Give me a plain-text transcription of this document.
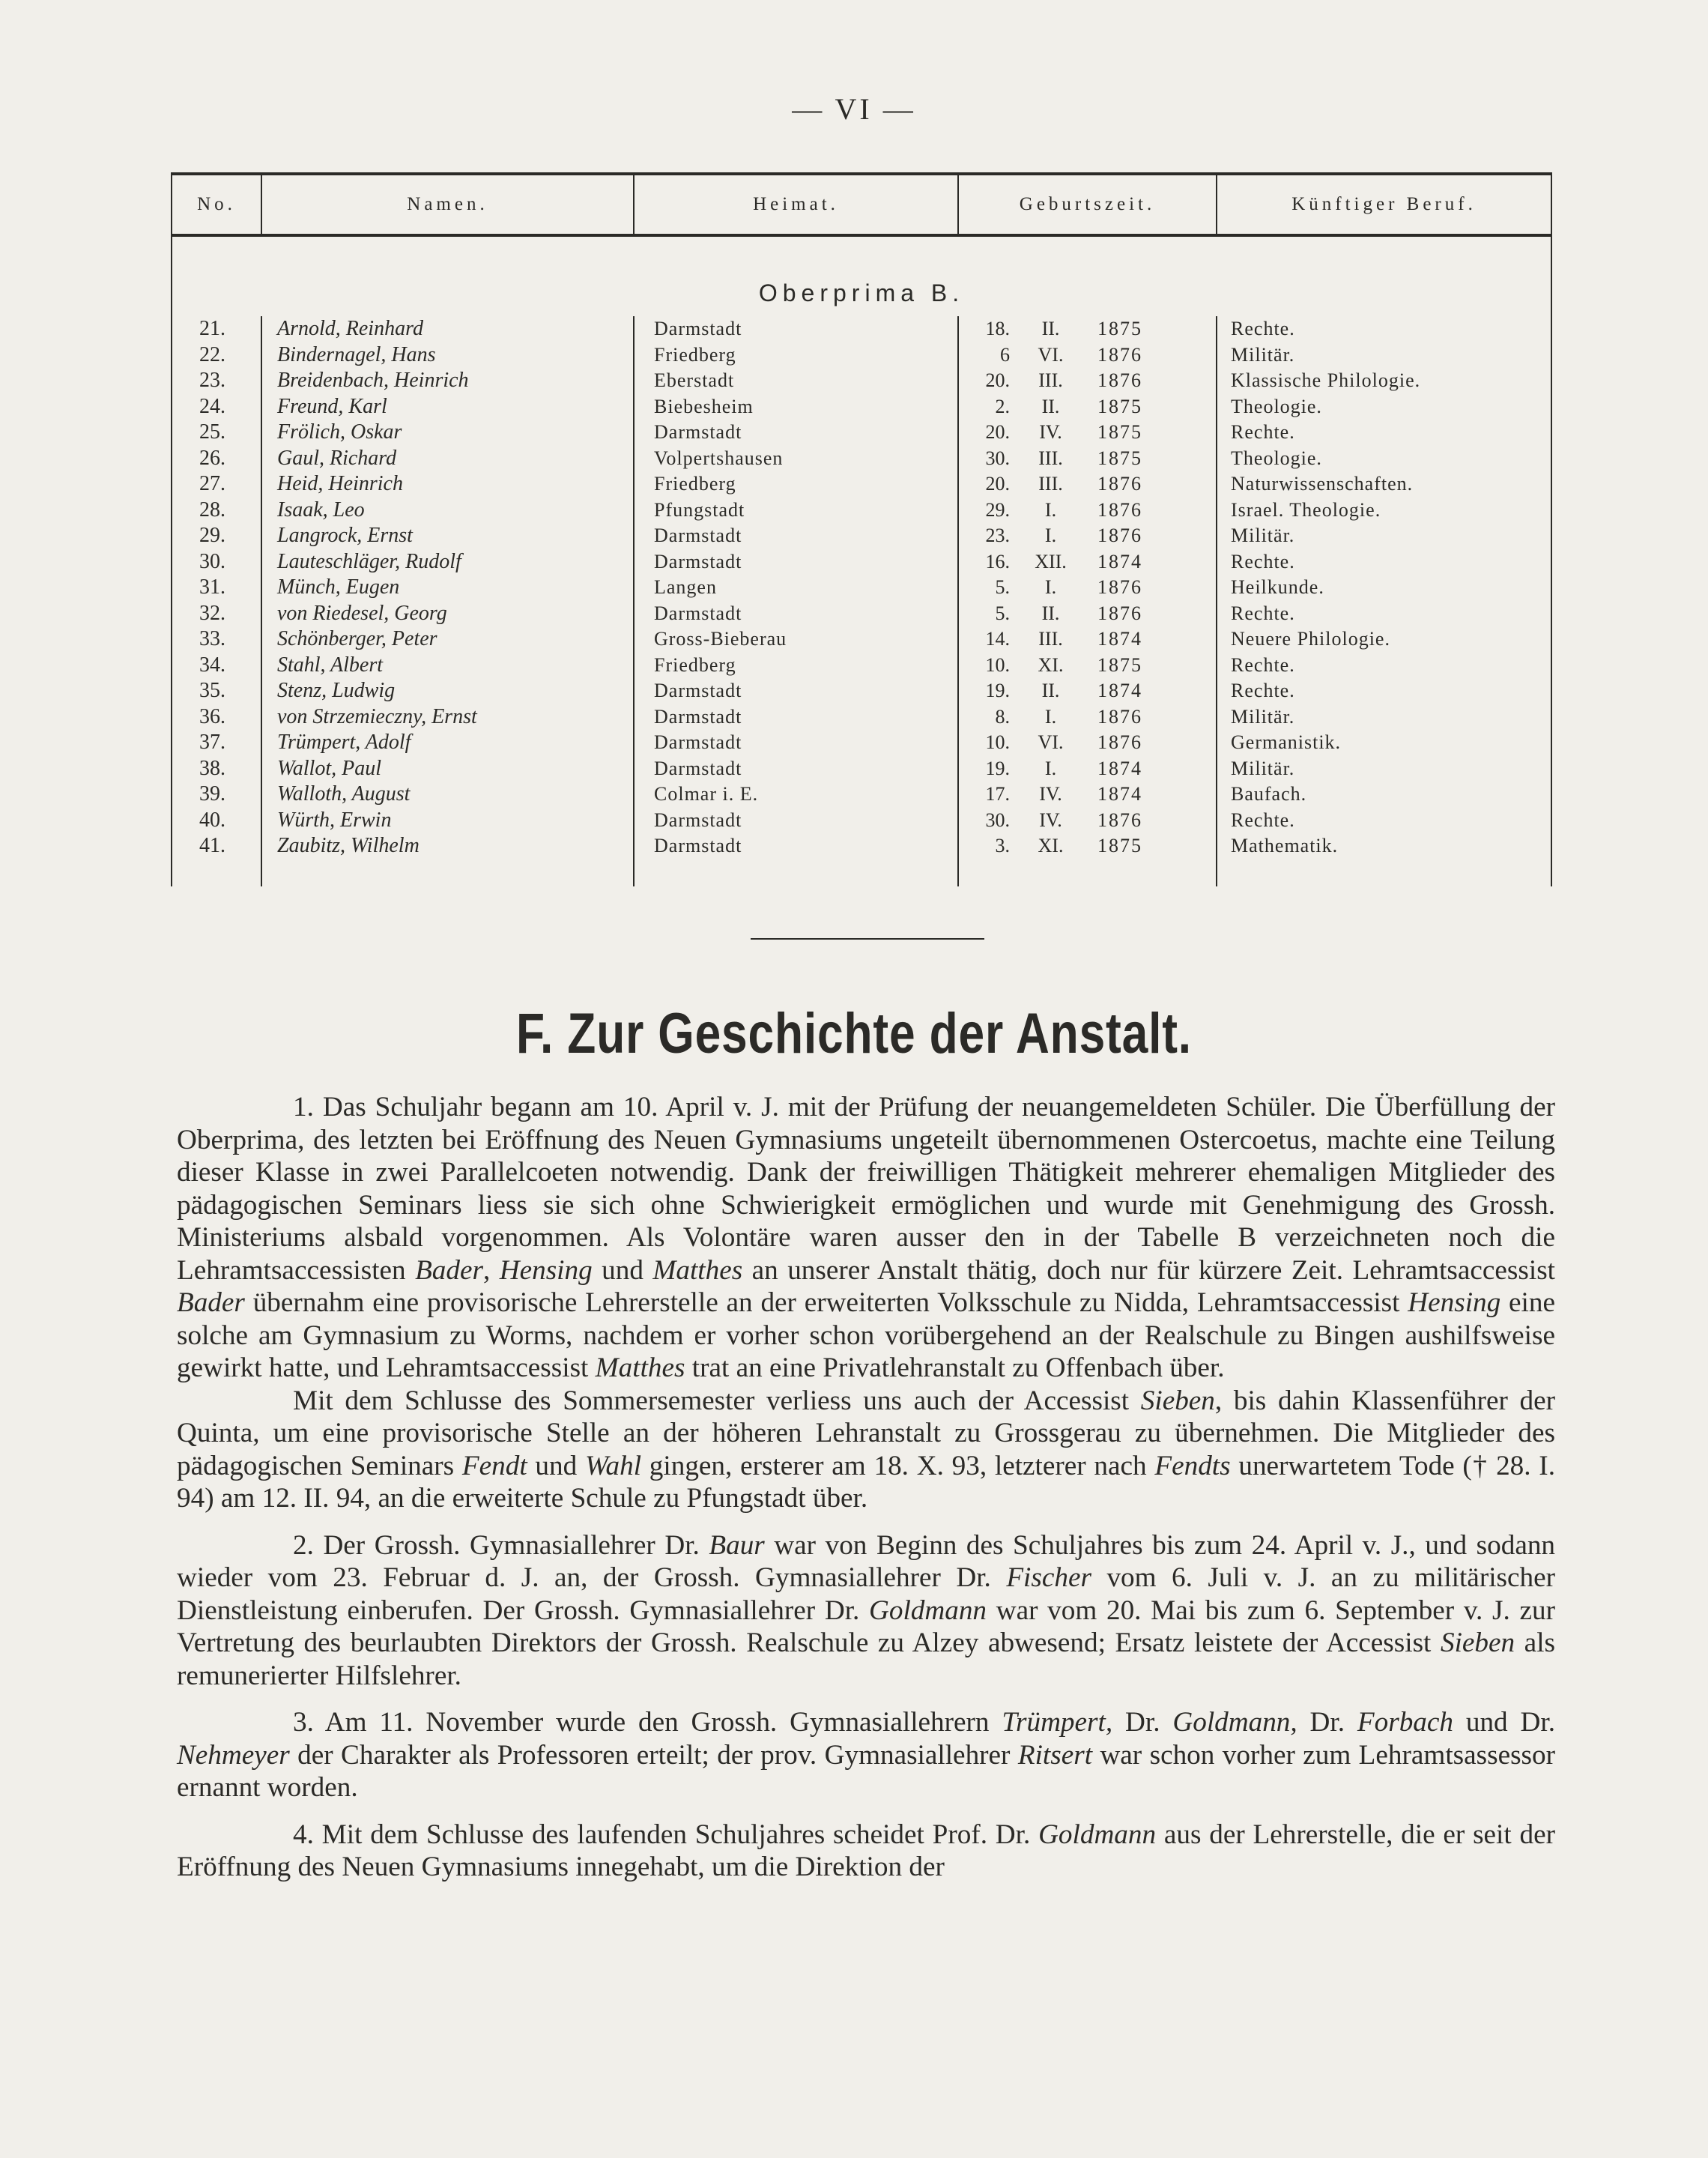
— VI —
No.	Namen.	Heimat.	Geburtszeit.			Künftiger Beruf.
Oberprima B.						
21.	Arnold, Reinhard	Darmstadt	18.	II.	1875	Rechte.
22.	Bindernagel, Hans	Friedberg	6	VI.	1876	Militär.
23.	Breidenbach, Heinrich	Eberstadt	20.	III.	1876	Klassische Philologie.
24.	Freund, Karl	Biebesheim	2.	II.	1875	Theologie.
25.	Frölich, Oskar	Darmstadt	20.	IV.	1875	Rechte.
26.	Gaul, Richard	Volpertshausen	30.	III.	1875	Theologie.
27.	Heid, Heinrich	Friedberg	20.	III.	1876	Naturwissenschaften.
28.	Isaak, Leo	Pfungstadt	29.	I.	1876	Israel. Theologie.
29.	Langrock, Ernst	Darmstadt	23.	I.	1876	Militär.
30.	Lauteschläger, Rudolf	Darmstadt	16.	XII.	1874	Rechte.
31.	Münch, Eugen	Langen	5.	I.	1876	Heilkunde.
32.	von Riedesel, Georg	Darmstadt	5.	II.	1876	Rechte.
33.	Schönberger, Peter	Gross-Bieberau	14.	III.	1874	Neuere Philologie.
34.	Stahl, Albert	Friedberg	10.	XI.	1875	Rechte.
35.	Stenz, Ludwig	Darmstadt	19.	II.	1874	Rechte.
36.	von Strzemieczny, Ernst	Darmstadt	8.	I.	1876	Militär.
37.	Trümpert, Adolf	Darmstadt	10.	VI.	1876	Germanistik.
38.	Wallot, Paul	Darmstadt	19.	I.	1874	Militär.
39.	Walloth, August	Colmar i. E.	17.	IV.	1874	Baufach.
40.	Würth, Erwin	Darmstadt	30.	IV.	1876	Rechte.
41.	Zaubitz, Wilhelm	Darmstadt	3.	XI.	1875	Mathematik.

F. Zur Geschichte der Anstalt.

1. Das Schuljahr begann am 10. April v. J. mit der Prüfung der neuangemeldeten Schüler. Die Überfüllung der Oberprima, des letzten bei Eröffnung des Neuen Gymnasiums ungeteilt übernommenen Ostercoetus, machte eine Teilung dieser Klasse in zwei Parallelcoeten notwendig. Dank der freiwilligen Thätigkeit mehrerer ehemaligen Mitglieder des pädagogischen Seminars liess sie sich ohne Schwierigkeit ermöglichen und wurde mit Genehmigung des Grossh. Ministeriums alsbald vorgenommen. Als Volontäre waren ausser den in der Tabelle B verzeichneten noch die Lehramtsaccessisten Bader, Hensing und Matthes an unserer Anstalt thätig, doch nur für kürzere Zeit. Lehramtsaccessist Bader übernahm eine provisorische Lehrerstelle an der erweiterten Volksschule zu Nidda, Lehramtsaccessist Hensing eine solche am Gymnasium zu Worms, nachdem er vorher schon vorübergehend an der Realschule zu Bingen aushilfsweise gewirkt hatte, und Lehramtsaccessist Matthes trat an eine Privatlehranstalt zu Offenbach über.

Mit dem Schlusse des Sommersemester verliess uns auch der Accessist Sieben, bis dahin Klassenführer der Quinta, um eine provisorische Stelle an der höheren Lehranstalt zu Grossgerau zu übernehmen. Die Mitglieder des pädagogischen Seminars Fendt und Wahl gingen, ersterer am 18. X. 93, letzterer nach Fendts unerwartetem Tode († 28. I. 94) am 12. II. 94, an die erweiterte Schule zu Pfungstadt über.

2. Der Grossh. Gymnasiallehrer Dr. Baur war von Beginn des Schuljahres bis zum 24. April v. J., und sodann wieder vom 23. Februar d. J. an, der Grossh. Gymnasiallehrer Dr. Fischer vom 6. Juli v. J. an zu militärischer Dienstleistung einberufen. Der Grossh. Gymnasiallehrer Dr. Goldmann war vom 20. Mai bis zum 6. September v. J. zur Vertretung des beurlaubten Direktors der Grossh. Realschule zu Alzey abwesend; Ersatz leistete der Accessist Sieben als remunerierter Hilfslehrer.

3. Am 11. November wurde den Grossh. Gymnasiallehrern Trümpert, Dr. Goldmann, Dr. Forbach und Dr. Nehmeyer der Charakter als Professoren erteilt; der prov. Gymnasiallehrer Ritsert war schon vorher zum Lehramtsassessor ernannt worden.

4. Mit dem Schlusse des laufenden Schuljahres scheidet Prof. Dr. Goldmann aus der Lehrerstelle, die er seit der Eröffnung des Neuen Gymnasiums innegehabt, um die Direktion der
